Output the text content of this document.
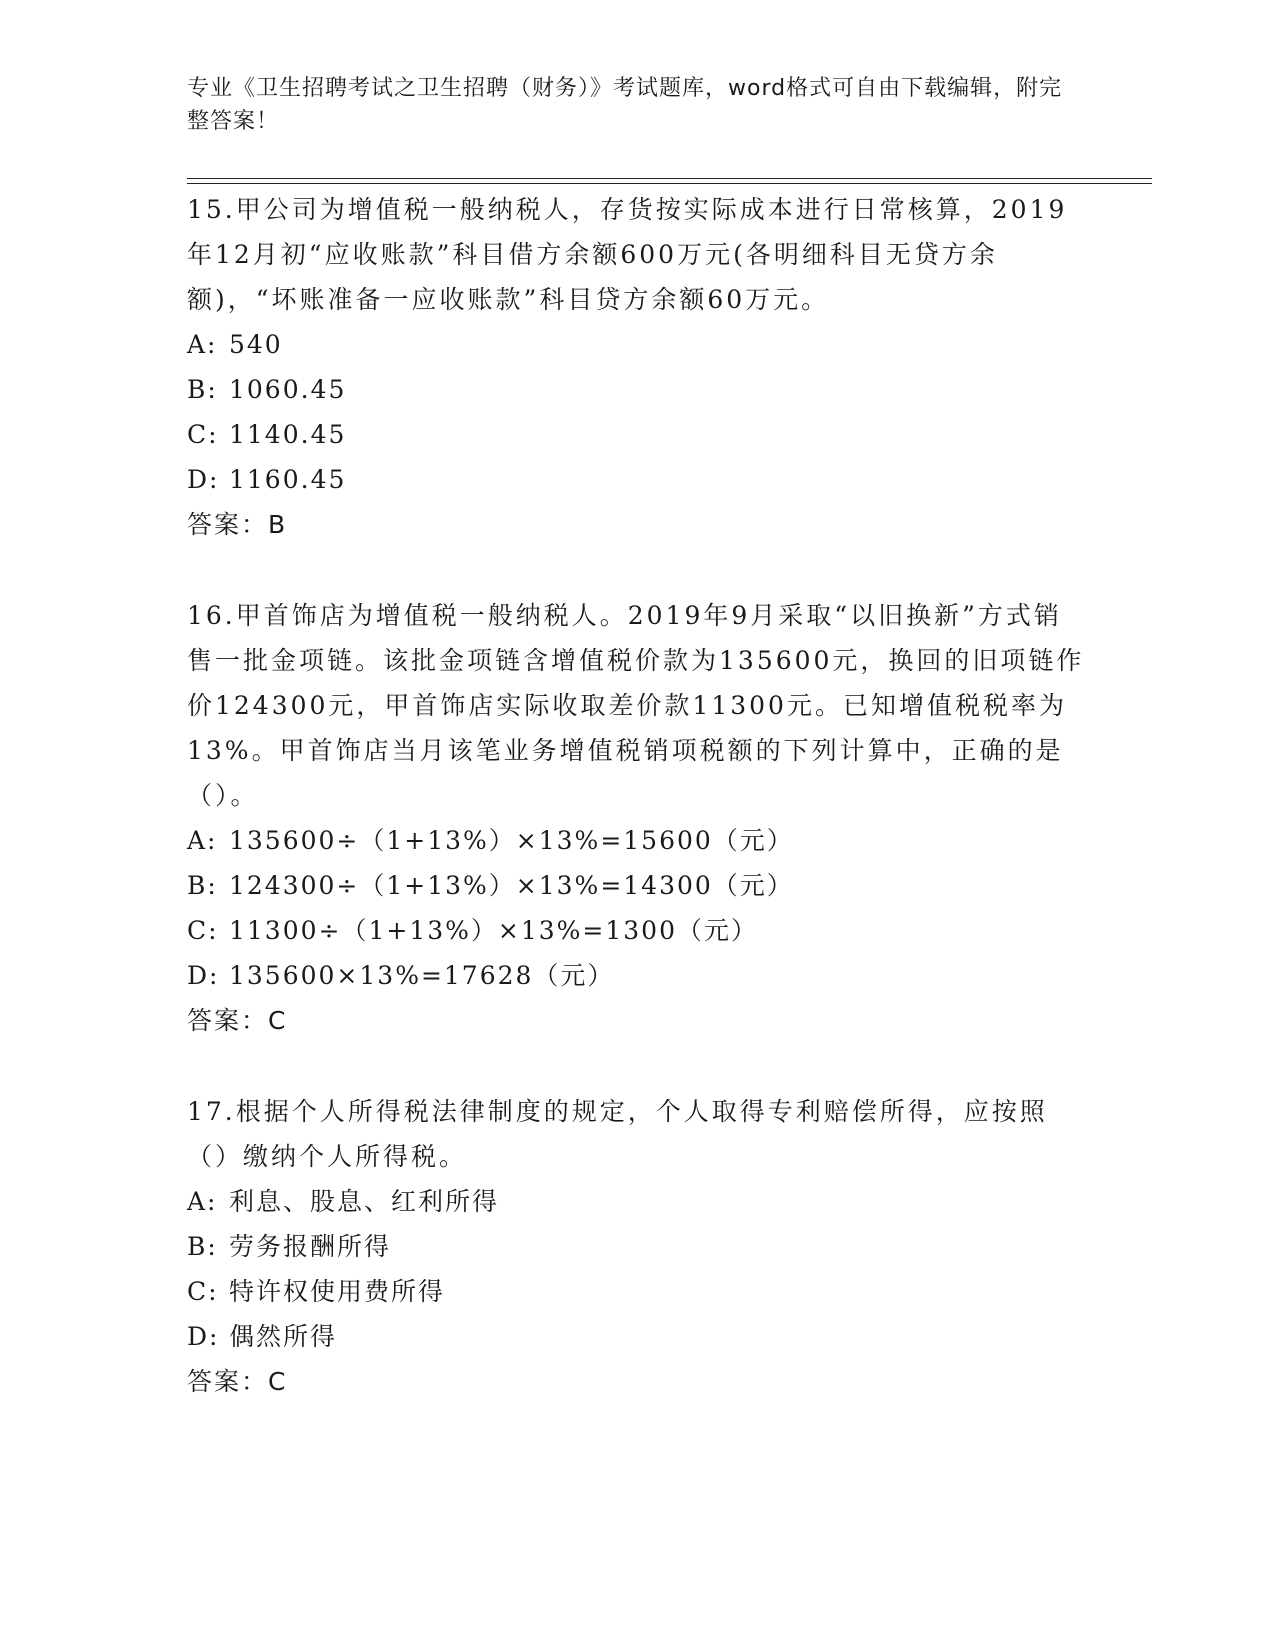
专业《卫生招聘考试之卫生招聘（财务）》考试题库，word格式可自由下载编辑，附完整答案！

15.甲公司为增值税一般纳税人，存货按实际成本进行日常核算，2019年12月初“应收账款”科目借方余额600万元(各明细科目无贷方余额)，“坏账准备一应收账款”科目贷方余额60万元。

A: 540
B: 1060.45
C: 1140.45
D: 1160.45
答案：B

16.甲首饰店为增值税一般纳税人。2019年9月采取“以旧换新”方式销售一批金项链。该批金项链含增值税价款为135600元，换回的旧项链作价124300元，甲首饰店实际收取差价款11300元。已知增值税税率为13%。甲首饰店当月该笔业务增值税销项税额的下列计算中，正确的是（）。

A: 135600÷（1+13%）×13%=15600（元）
B: 124300÷（1+13%）×13%=14300（元）
C: 11300÷（1+13%）×13%=1300（元）
D: 135600×13%=17628（元）
答案：C

17.根据个人所得税法律制度的规定，个人取得专利赔偿所得，应按照（）缴纳个人所得税。

A: 利息、股息、红利所得
B: 劳务报酬所得
C: 特许权使用费所得
D: 偶然所得
答案：C
